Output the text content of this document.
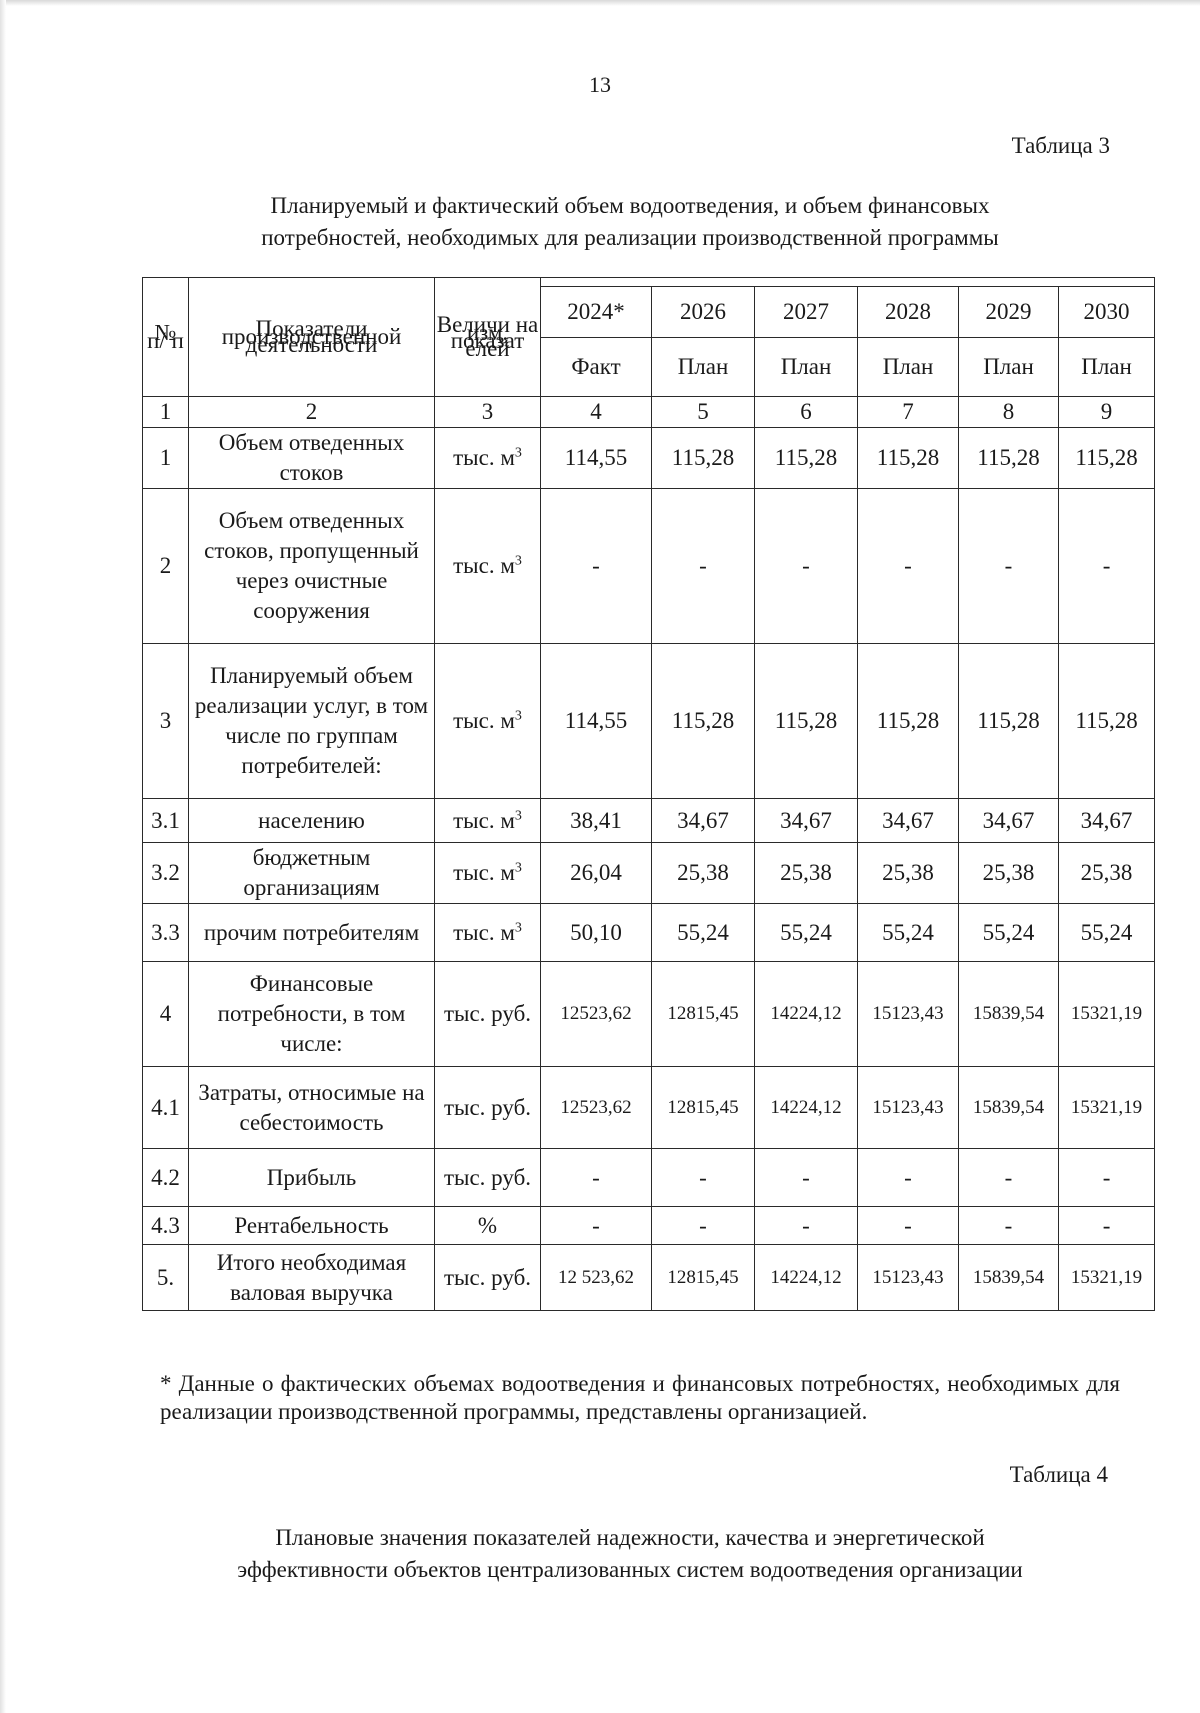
13
Таблица 3
Планируемый и фактический объем водоотведения, и объем финансовых
потребностей, необходимых для реализации производственной программы
№ п/ п	Показатели производственной деятельности	Величи на изм. показат елей						
			2024*	2026	2027	2028	2029	2030
			Факт	План	План	План	План	План
1	2	3	4	5	6	7	8	9
1	Объем отведенных стоков	тыс. $м^3$	114,55	115,28	115,28	115,28	115,28	115,28
2	Объем отведенных стоков, пропущенный через очистные сооружения	тыс. $м^3$	-	-	-	-	-	-
3	Планируемый объем реализации услуг, в том числе по группам потребителей:	тыс. $м^3$	114,55	115,28	115,28	115,28	115,28	115,28
3.1	населению	тыс. $м^3$	38,41	34,67	34,67	34,67	34,67	34,67
3.2	бюджетным организациям	тыс. $м^3$	26,04	25,38	25,38	25,38	25,38	25,38
3.3	прочим потребителям	тыс. $м^3$	50,10	55,24	55,24	55,24	55,24	55,24
4	Финансовые потребности, в том числе:	тыс. руб.	12523,62	12815,45	14224,12	15123,43	15839,54	15321,19
4.1	Затраты, относимые на себестоимость	тыс. руб.	12523,62	12815,45	14224,12	15123,43	15839,54	15321,19
4.2	Прибыль	тыс. руб.	-	-	-	-	-	-
4.3	Рентабельность	%	-	-	-	-	-	-
5.	Итого необходимая валовая выручка	тыс. руб.	12 523,62	12815,45	14224,12	15123,43	15839,54	15321,19
* Данные о фактических объемах водоотведения и финансовых потребностях, необходимых для реализации производственной программы, представлены организацией.
Таблица 4
Плановые значения показателей надежности, качества и энергетической
эффективности объектов централизованных систем водоотведения организации
